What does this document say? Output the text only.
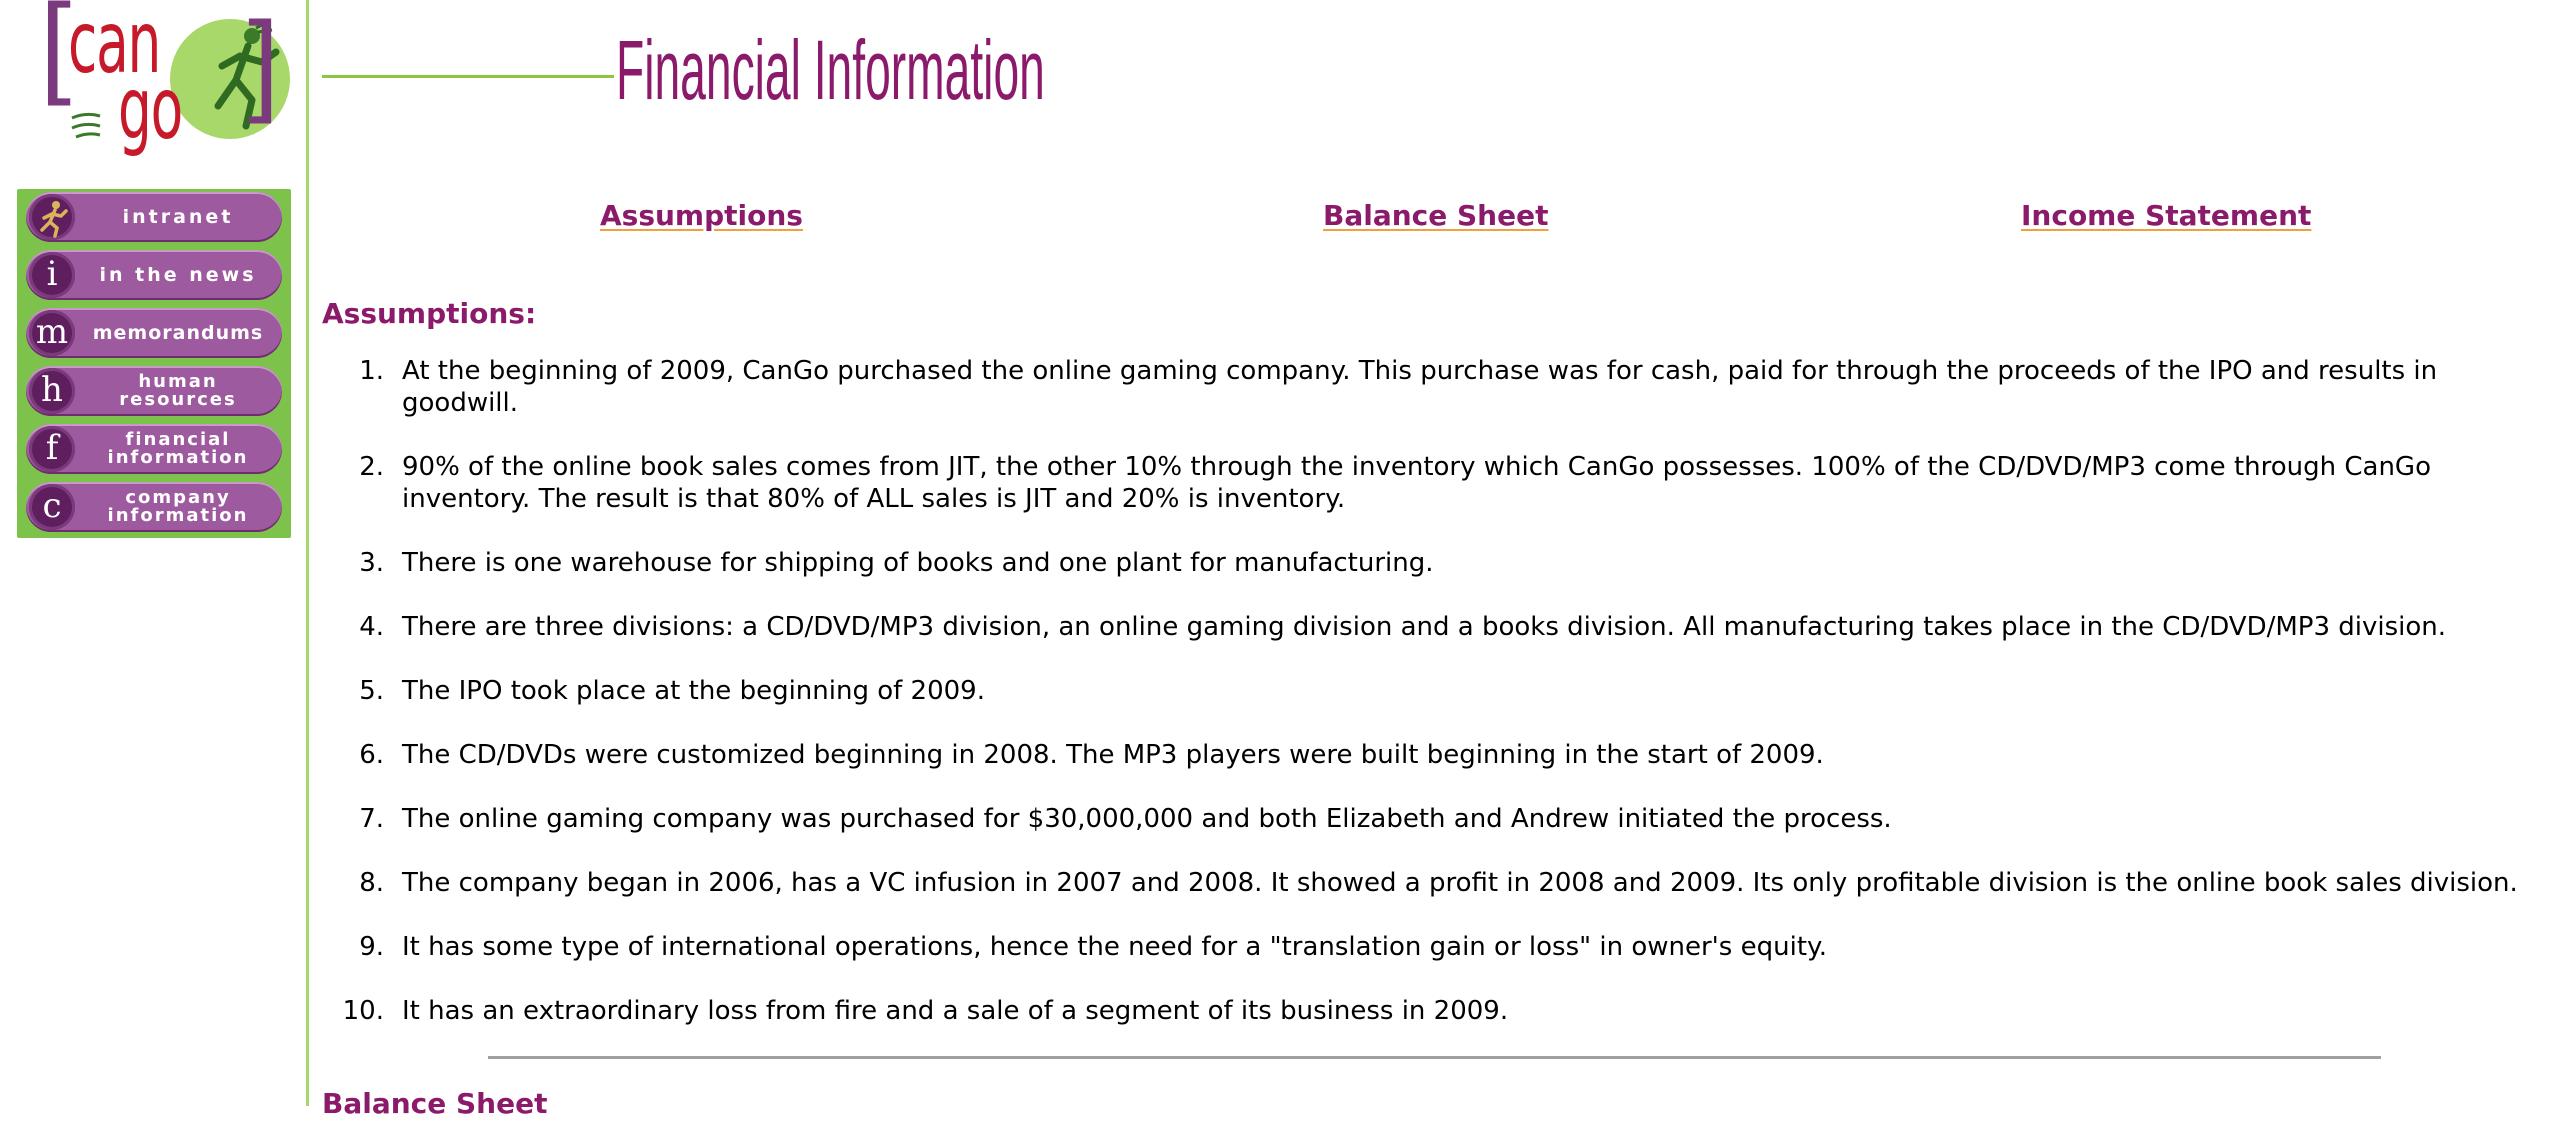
[
can
go ]
intranet
i	in the news
m	memorandums
h	human resources
f	financial information
c	company information
Financial Information
Assumptions	Balance Sheet	Income Statement
Assumptions:
1. At the beginning of 2009, CanGo purchased the online gaming company. This purchase was for cash, paid for through the proceeds of the IPO and results in goodwill.
2. 90% of the online book sales comes from JIT, the other 10% through the inventory which CanGo possesses. 100% of the CD/DVD/MP3 come through CanGo inventory. The result is that 80% of ALL sales is JIT and 20% is inventory.
3. There is one warehouse for shipping of books and one plant for manufacturing.
4. There are three divisions: a CD/DVD/MP3 division, an online gaming division and a books division. All manufacturing takes place in the CD/DVD/MP3 division.
5. The IPO took place at the beginning of 2009.
6. The CD/DVDs were customized beginning in 2008. The MP3 players were built beginning in the start of 2009.
7. The online gaming company was purchased for $30,000,000 and both Elizabeth and Andrew initiated the process.
8. The company began in 2006, has a VC infusion in 2007 and 2008. It showed a profit in 2008 and 2009. Its only profitable division is the online book sales division.
9. It has some type of international operations, hence the need for a "translation gain or loss" in owner's equity.
10. It has an extraordinary loss from fire and a sale of a segment of its business in 2009.
Balance Sheet
